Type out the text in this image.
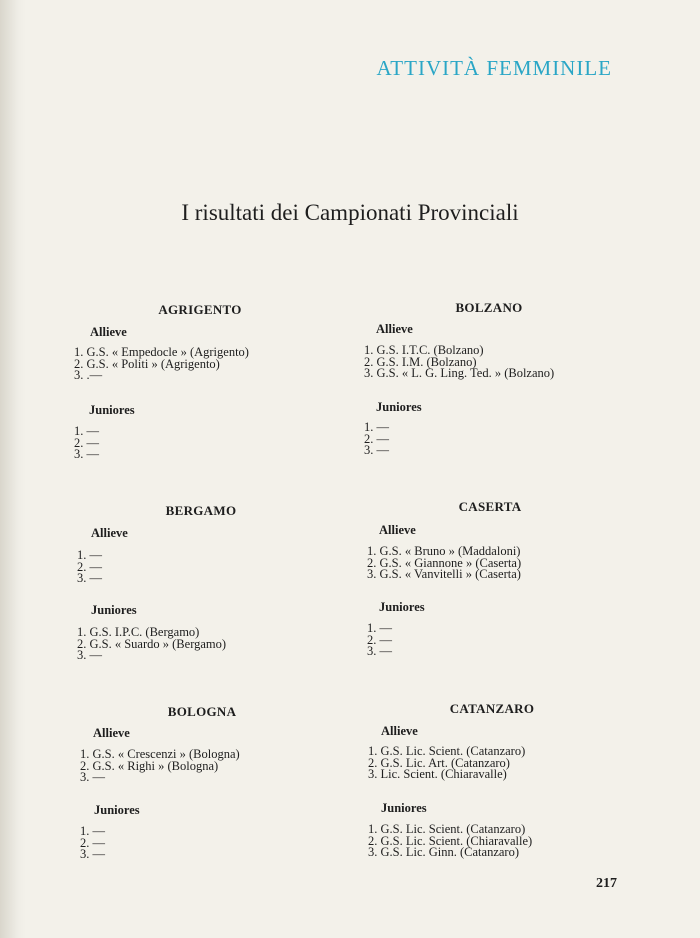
ATTIVITÀ FEMMINILE
I risultati dei Campionati Provinciali

AGRIGENTO

Allieve

1. G.S. « Empedocle » (Agrigento)
2. G.S. « Politi » (Agrigento)
3. .—

Juniores

1. —
2. —
3. —

BOLZANO

Allieve

1. G.S. I.T.C. (Bolzano)
2. G.S. I.M. (Bolzano)
3. G.S. « L. G. Ling. Ted. » (Bolzano)

Juniores

1. —
2. —
3. —

BERGAMO

Allieve

1. —
2. —
3. —

Juniores

1. G.S. I.P.C. (Bergamo)
2. G.S. « Suardo » (Bergamo)
3. —

CASERTA

Allieve

1. G.S. « Bruno » (Maddaloni)
2. G.S. « Giannone » (Caserta)
3. G.S. « Vanvitelli » (Caserta)

Juniores

1. —
2. —
3. —

BOLOGNA

Allieve

1. G.S. « Crescenzi » (Bologna)
2. G.S. « Righi » (Bologna)
3. —

Juniores

1. —
2. —
3. —

CATANZARO

Allieve

1. G.S. Lic. Scient. (Catanzaro)
2. G.S. Lic. Art. (Catanzaro)
3. Lic. Scient. (Chiaravalle)

Juniores

1. G.S. Lic. Scient. (Catanzaro)
2. G.S. Lic. Scient. (Chiaravalle)
3. G.S. Lic. Ginn. (Catanzaro)
217
